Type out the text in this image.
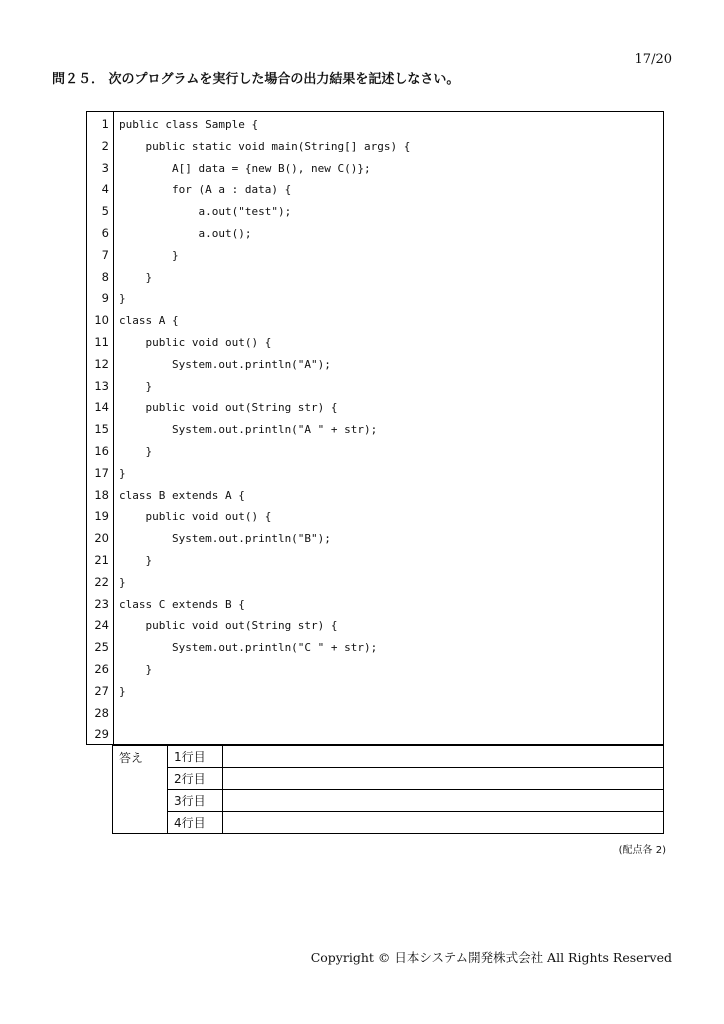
17/20
問２５． 次のプログラムを実行した場合の出力結果を記述しなさい。
1 public class Sample {
2 public static void main(String[] args) {
3 A[] data = {new B(), new C()};
4 for (A a : data) {
5 a.out("test");
6 a.out();
7 }
8 }
9 }
10 class A {
11 public void out() {
12 System.out.println("A");
13 }
14 public void out(String str) {
15 System.out.println("A " + str);
16 }
17 }
18 class B extends A {
19 public void out() {
20 System.out.println("B");
21 }
22 }
23 class C extends B {
24 public void out(String str) {
25 System.out.println("C " + str);
26 }
27 }
28
29
答え	1行目	
	2行目	
	3行目	
	4行目	
(配点各 2)
Copyright © 日本システム開発株式会社 All Rights Reserved
